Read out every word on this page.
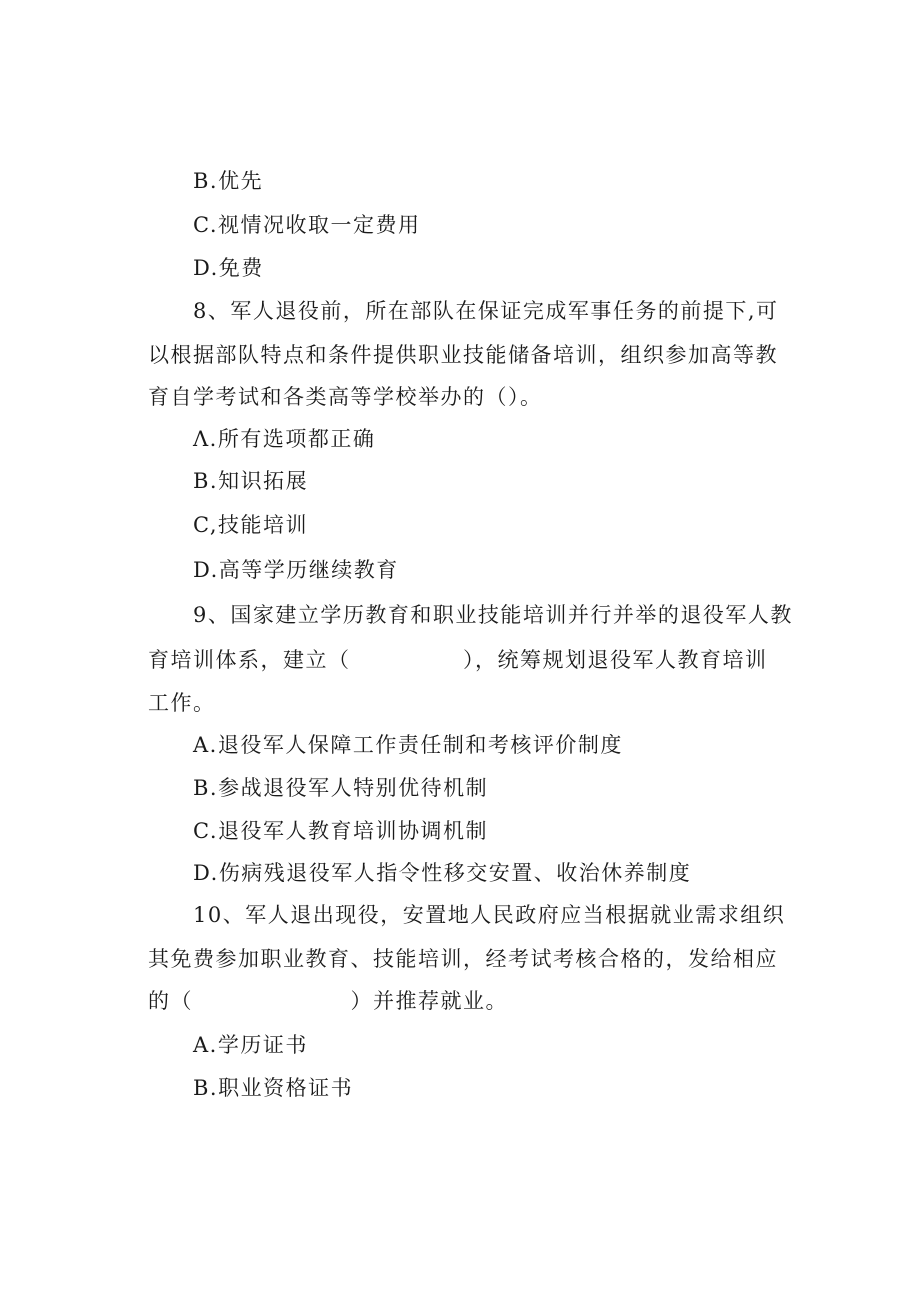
B.优先
C.视情况收取一定费用
D.免费
8、军人退役前，所在部队在保证完成军事任务的前提下,可
以根据部队特点和条件提供职业技能储备培训，组织参加高等教
育自学考试和各类高等学校举办的（）。
Λ.所有选项都正确
B.知识拓展
C,技能培训
D.高等学历继续教育
9、国家建立学历教育和职业技能培训并行并举的退役军人教
育培训体系，建立（　　　　　），统筹规划退役军人教育培训
工作。
A.退役军人保障工作责任制和考核评价制度
B.参战退役军人特别优待机制
C.退役军人教育培训协调机制
D.伤病残退役军人指令性移交安置、收治休养制度
10、军人退出现役，安置地人民政府应当根据就业需求组织
其免费参加职业教育、技能培训，经考试考核合格的，发给相应
的（　　　　　　　）并推荐就业。
A.学历证书
B.职业资格证书
